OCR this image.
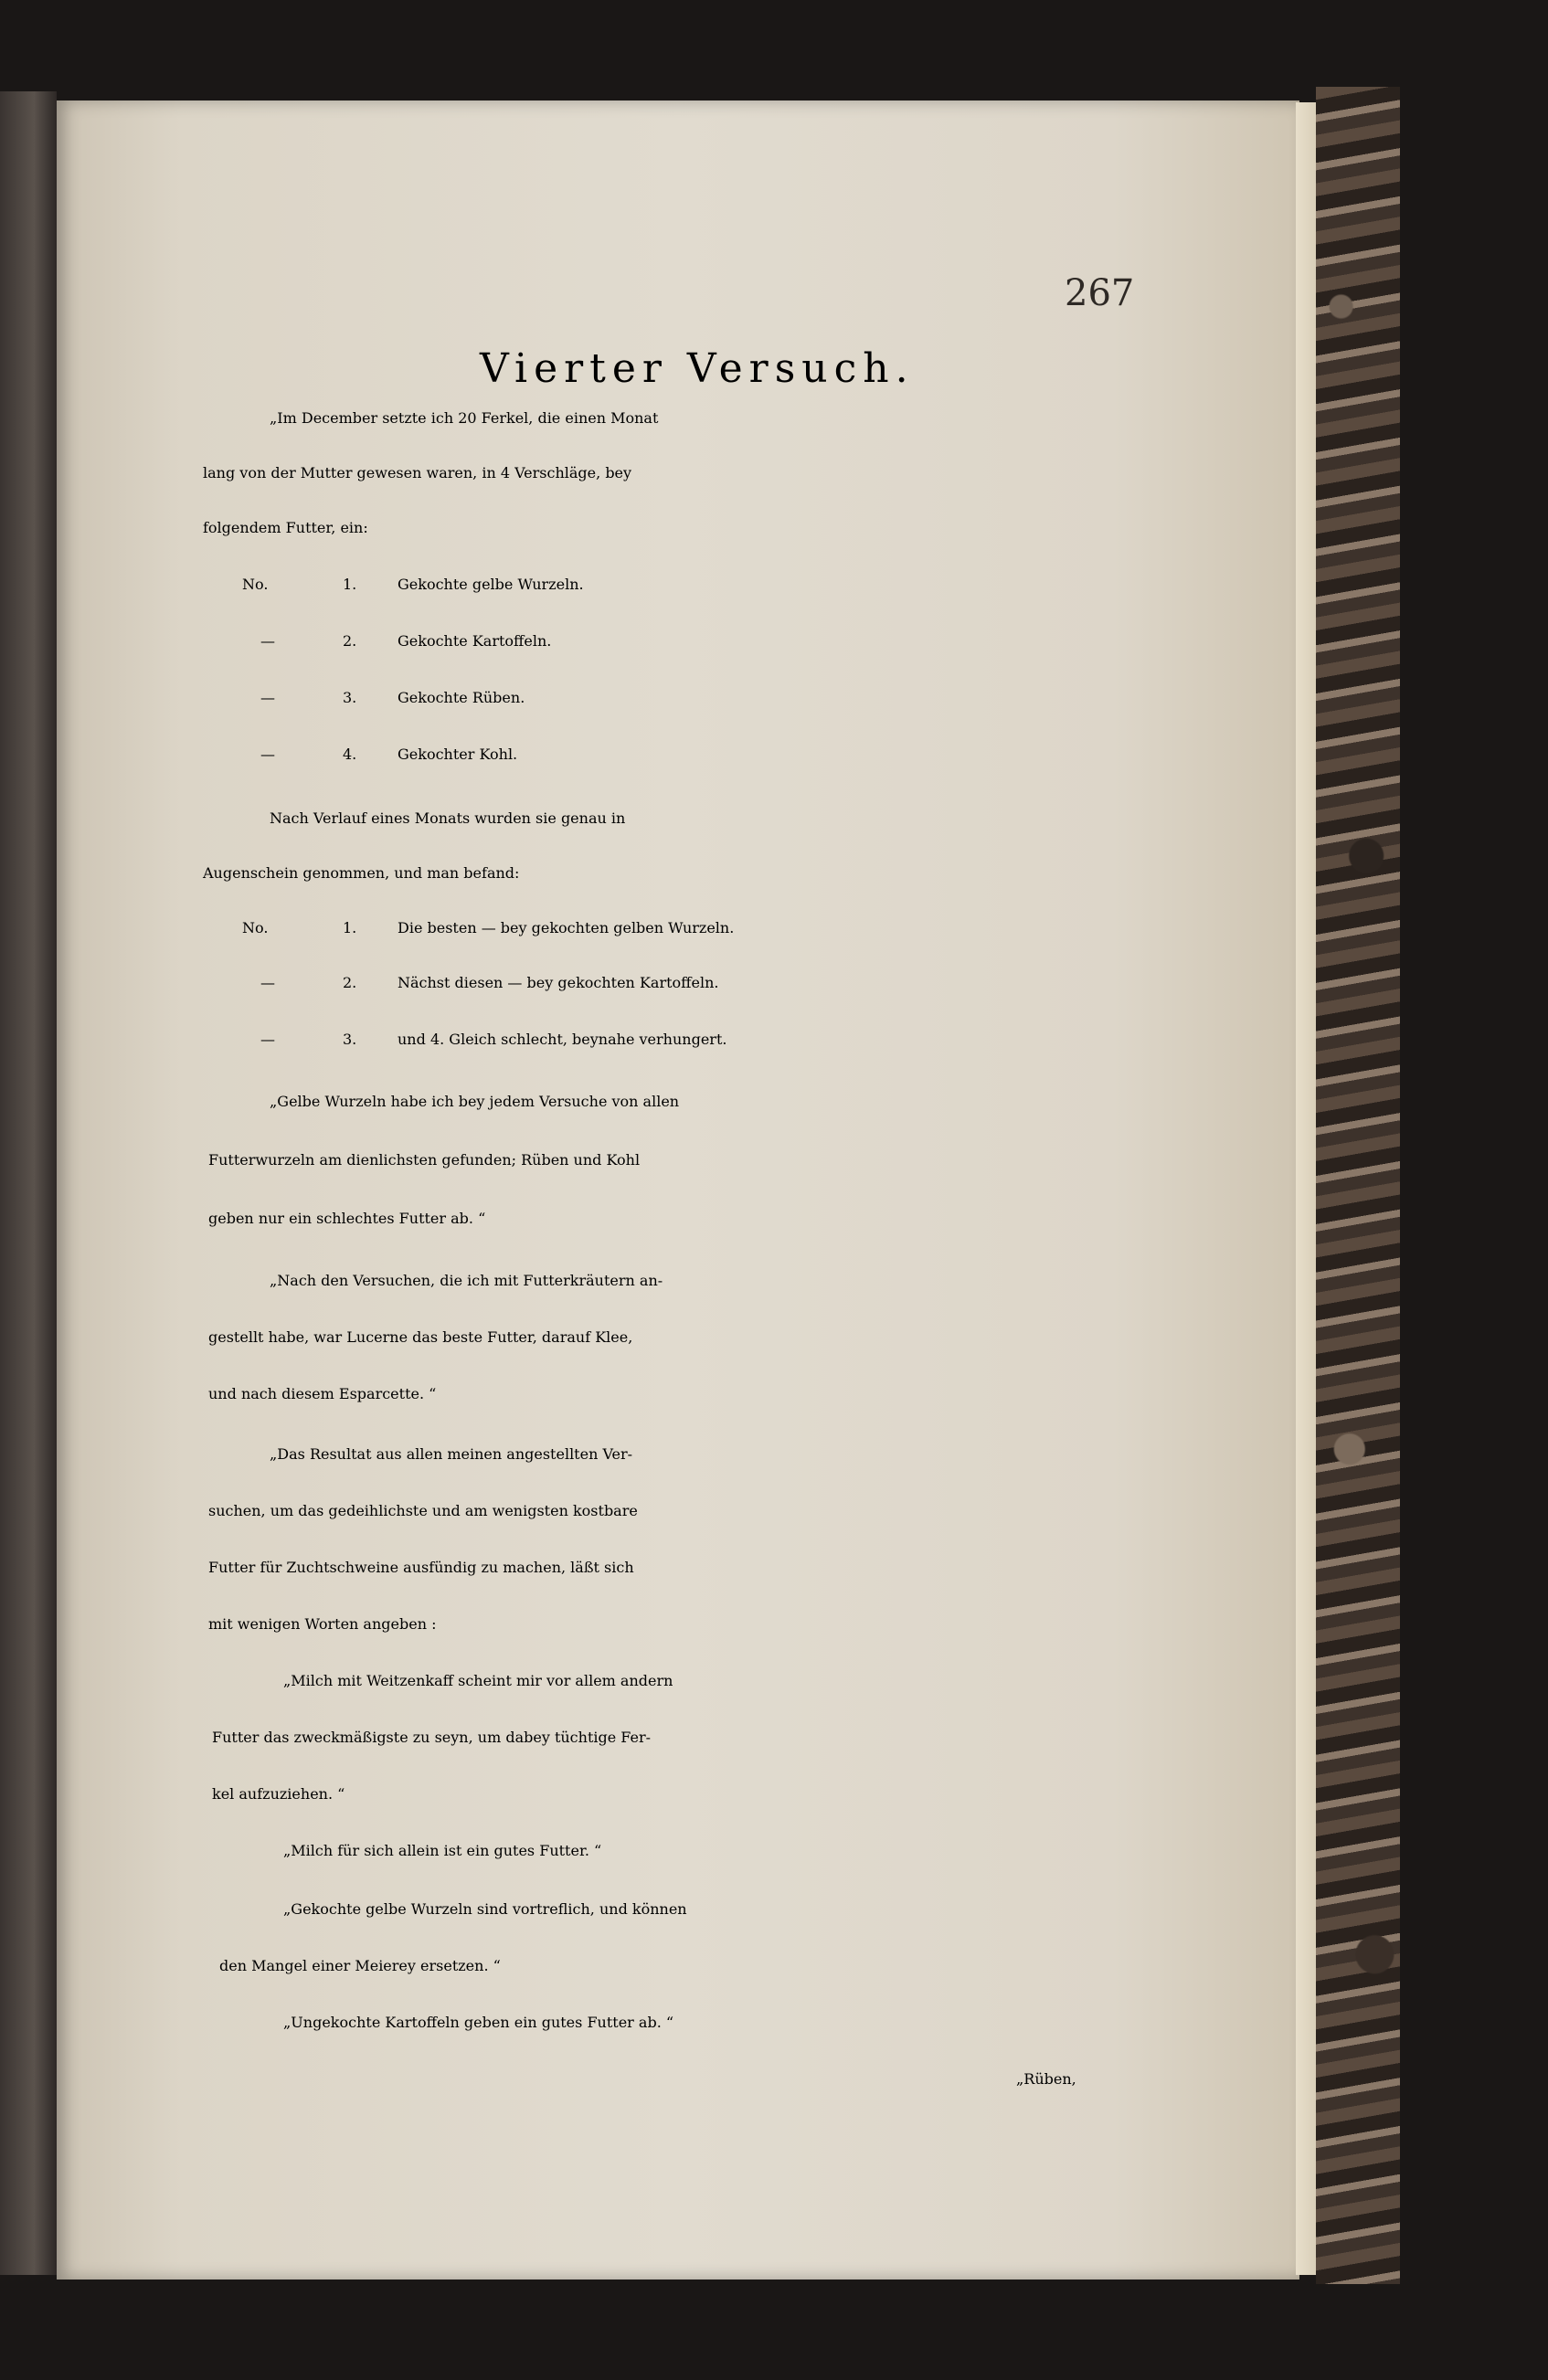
267
Vierter Versuch.
„Im December setzte ich 20 Ferkel, die einen Monat
lang von der Mutter gewesen waren, in 4 Verschläge, bey
folgendem Futter, ein:
No.	1.	Gekochte gelbe Wurzeln.
—	2.	Gekochte Kartoffeln.
—	3.	Gekochte Rüben.
—	4.	Gekochter Kohl.
Nach Verlauf eines Monats wurden sie genau in
Augenschein genommen, und man befand:
No.	1.	Die besten — bey gekochten gelben Wurzeln.
—	2.	Nächst diesen — bey gekochten Kartoffeln.
—	3.	und 4. Gleich schlecht, beynahe verhungert.
„Gelbe Wurzeln habe ich bey jedem Versuche von allen
Futterwurzeln am dienlichsten gefunden; Rüben und Kohl
geben nur ein schlechtes Futter ab. “
„Nach den Versuchen, die ich mit Futterkräutern an-
gestellt habe, war Lucerne das beste Futter, darauf Klee,
und nach diesem Esparcette. “
„Das Resultat aus allen meinen angestellten Ver-
suchen, um das gedeihlichste und am wenigsten kostbare
Futter für Zuchtschweine ausfündig zu machen, läßt sich
mit wenigen Worten angeben :
„Milch mit Weitzenkaff scheint mir vor allem andern
Futter das zweckmäßigste zu seyn, um dabey tüchtige Fer-
kel aufzuziehen. “
„Milch für sich allein ist ein gutes Futter. “
„Gekochte gelbe Wurzeln sind vortreflich, und können
den Mangel einer Meierey ersetzen. “
„Ungekochte Kartoffeln geben ein gutes Futter ab. “
„Rüben,
